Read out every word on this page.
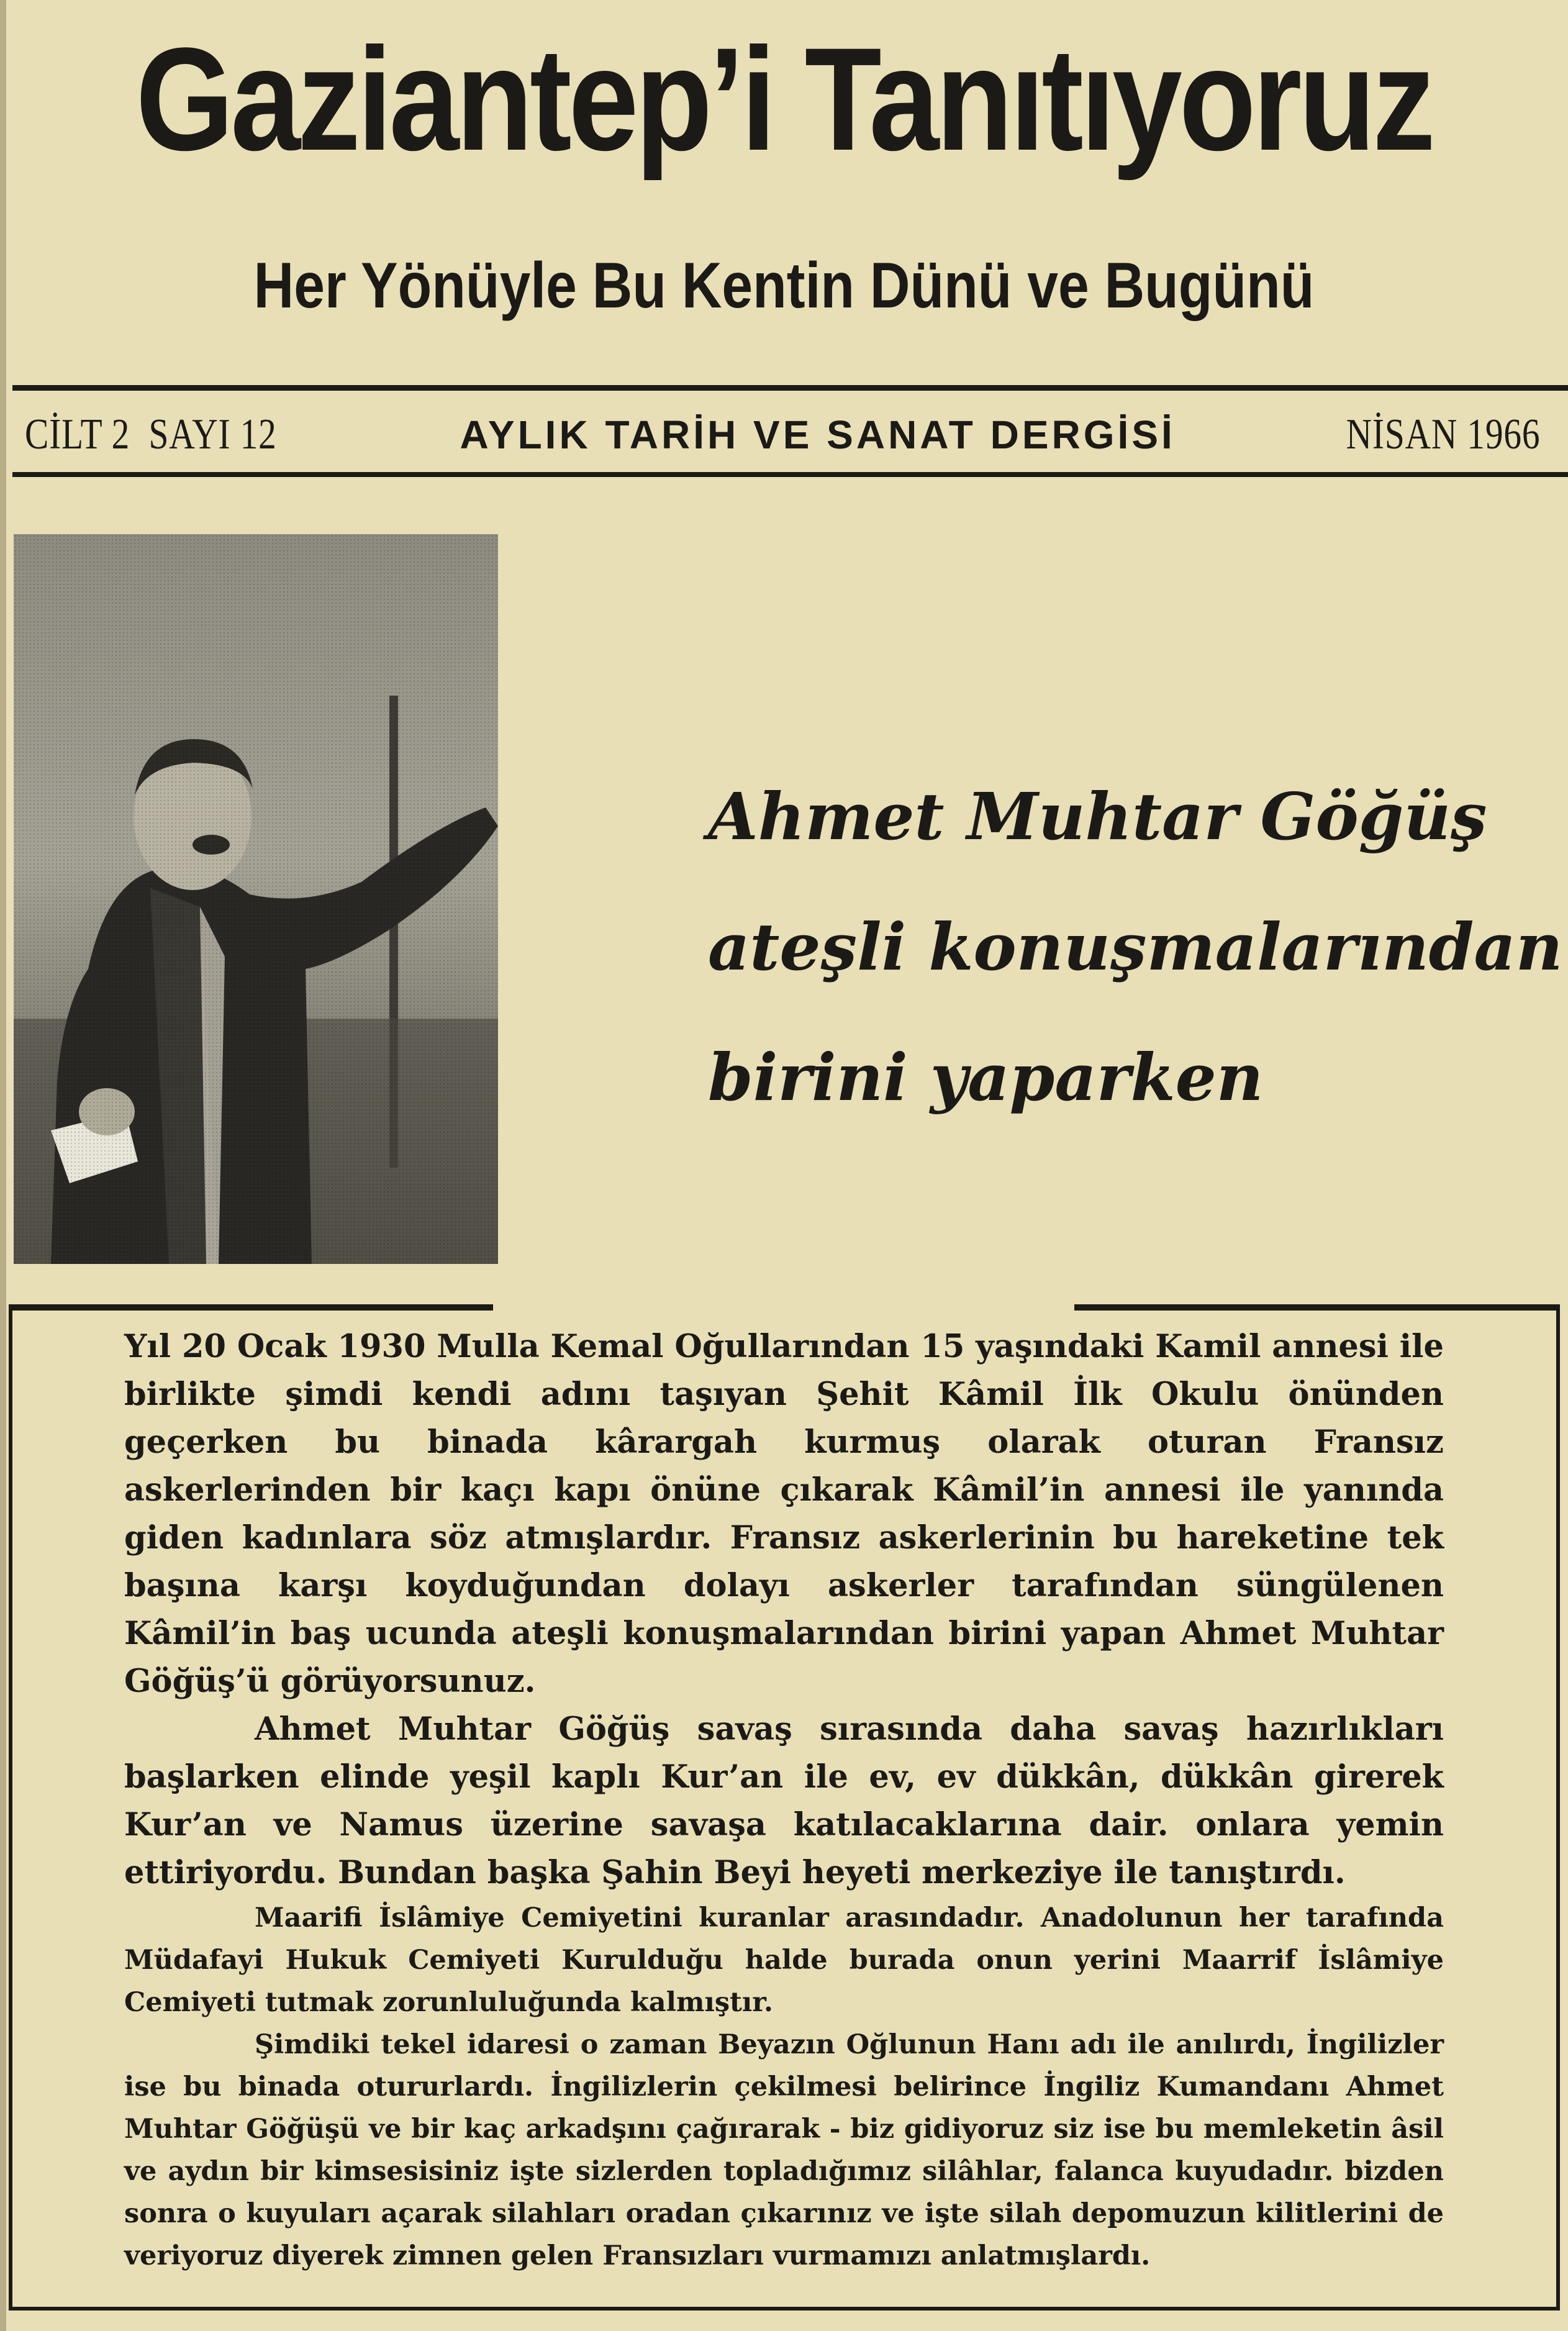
Gaziantep’i Tanıtıyoruz
Her Yönüyle Bu Kentin Dünü ve Bugünü
CİLT 2 SAYI 12	AYLIK TARİH VE SANAT DERGİSİ	NİSAN 1966
Ahmet Muhtar Göğüş
ateşli konuşmalarından
birini yaparken

Yıl 20 Ocak 1930 Mulla Kemal Oğullarından 15 yaşındaki Kamil annesi ile birlikte şimdi kendi adını taşıyan Şehit Kâmil İlk Okulu önünden geçerken bu binada kârargah kurmuş olarak oturan Fransız askerlerinden bir kaçı kapı önüne çıkarak Kâmil’in annesi ile yanında giden kadınlara söz atmışlardır. Fransız askerlerinin bu hareketine tek başına karşı koyduğundan dolayı askerler tarafından süngülenen Kâmil’in baş ucunda ateşli konuşmalarından birini yapan Ahmet Muhtar Göğüş’ü görüyorsunuz.

Ahmet Muhtar Göğüş savaş sırasında daha savaş hazırlıkları başlarken elinde yeşil kaplı Kur’an ile ev, ev dükkân, dükkân girerek Kur’an ve Namus üzerine savaşa katılacaklarına dair. onlara yemin ettiriyordu. Bundan başka Şahin Beyi heyeti merkeziye ile tanıştırdı.

Maarifi İslâmiye Cemiyetini kuranlar arasındadır. Anadolunun her tarafında Müdafayi Hukuk Cemiyeti Kurulduğu halde burada onun yerini Maarrif İslâmiye Cemiyeti tutmak zorunluluğunda kalmıştır.

Şimdiki tekel idaresi o zaman Beyazın Oğlunun Hanı adı ile anılırdı, İngilizler ise bu binada otururlardı. İngilizlerin çekilmesi belirince İngiliz Kumandanı Ahmet Muhtar Göğüşü ve bir kaç arkadşını çağırarak - biz gidiyoruz siz ise bu memleketin âsil ve aydın bir kimsesisiniz işte sizlerden topladığımız silâhlar, falanca kuyudadır. bizden sonra o kuyuları açarak silahları oradan çıkarınız ve işte silah depomuzun kilitlerini de veriyoruz diyerek zimnen gelen Fransızları vurmamızı anlatmışlardı.
